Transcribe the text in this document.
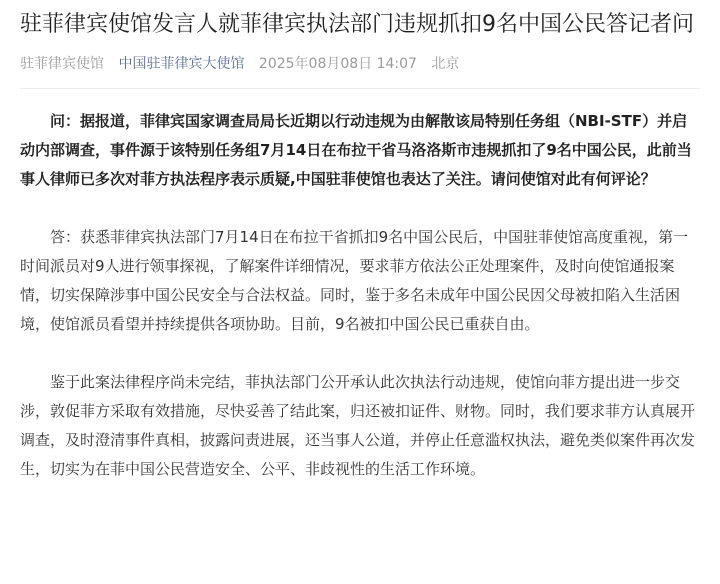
驻菲律宾使馆发言人就菲律宾执法部门违规抓扣9名中国公民答记者问
驻菲律宾使馆 中国驻菲律宾大使馆 2025年08月08日 14:07 北京

问：据报道，菲律宾国家调查局局长近期以行动违规为由解散该局特别任务组（NBI-STF）并启动内部调查，事件源于该特别任务组7月14日在布拉干省马洛洛斯市违规抓扣了9名中国公民，此前当事人律师已多次对菲方执法程序表示质疑,中国驻菲使馆也表达了关注。请问使馆对此有何评论？

答：获悉菲律宾执法部门7月14日在布拉干省抓扣9名中国公民后，中国驻菲使馆高度重视，第一时间派员对9人进行领事探视，了解案件详细情况，要求菲方依法公正处理案件，及时向使馆通报案情，切实保障涉事中国公民安全与合法权益。同时，鉴于多名未成年中国公民因父母被扣陷入生活困境，使馆派员看望并持续提供各项协助。目前，9名被扣中国公民已重获自由。

鉴于此案法律程序尚未完结，菲执法部门公开承认此次执法行动违规，使馆向菲方提出进一步交涉，敦促菲方采取有效措施，尽快妥善了结此案，归还被扣证件、财物。同时，我们要求菲方认真展开调查，及时澄清事件真相，披露问责进展，还当事人公道，并停止任意滥权执法，避免类似案件再次发生，切实为在菲中国公民营造安全、公平、非歧视性的生活工作环境。
